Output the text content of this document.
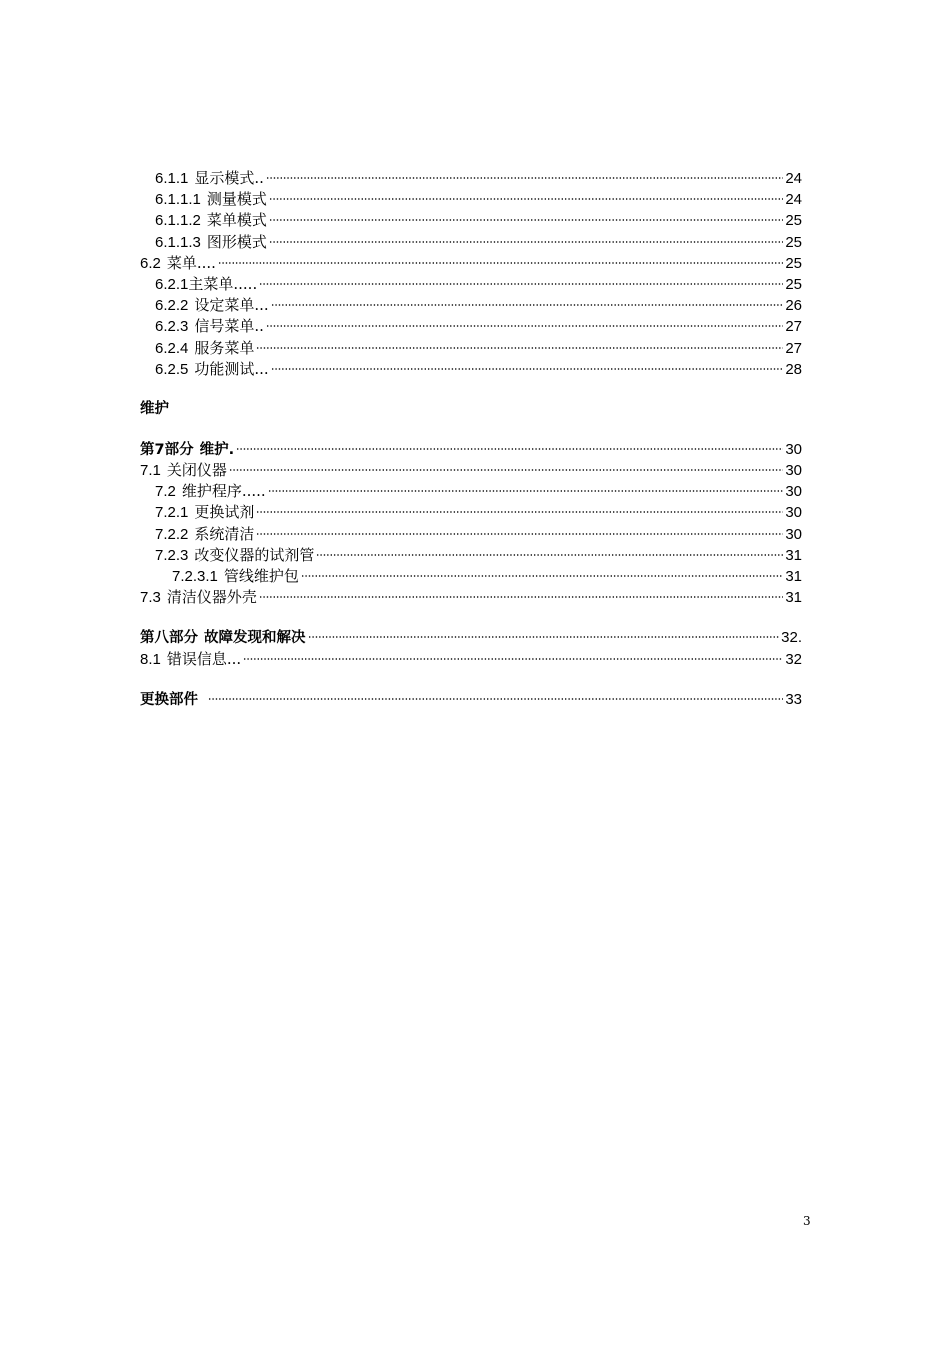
6.1.1 显示模式..	24
6.1.1.1 测量模式	24
6.1.1.2 菜单模式	25
6.1.1.3 图形模式	25
6.2 菜单....	25
6.2.1 主菜单.....	25
6.2.2 设定菜单...	26
6.2.3 信号菜单..	27
6.2.4 服务菜单	27
6.2.5 功能测试...	28
维护
第7部分 维护.	30
7.1 关闭仪器	30
7.2 维护程序.....	30
7.2.1 更换试剂	30
7.2.2 系统清洁	30
7.2.3 改变仪器的试剂管	31
7.2.3.1 管线维护包	31
7.3 清洁仪器外壳	31
第八部分 故障发现和解决	32.
8.1 错误信息...	32
更换部件	33
3
